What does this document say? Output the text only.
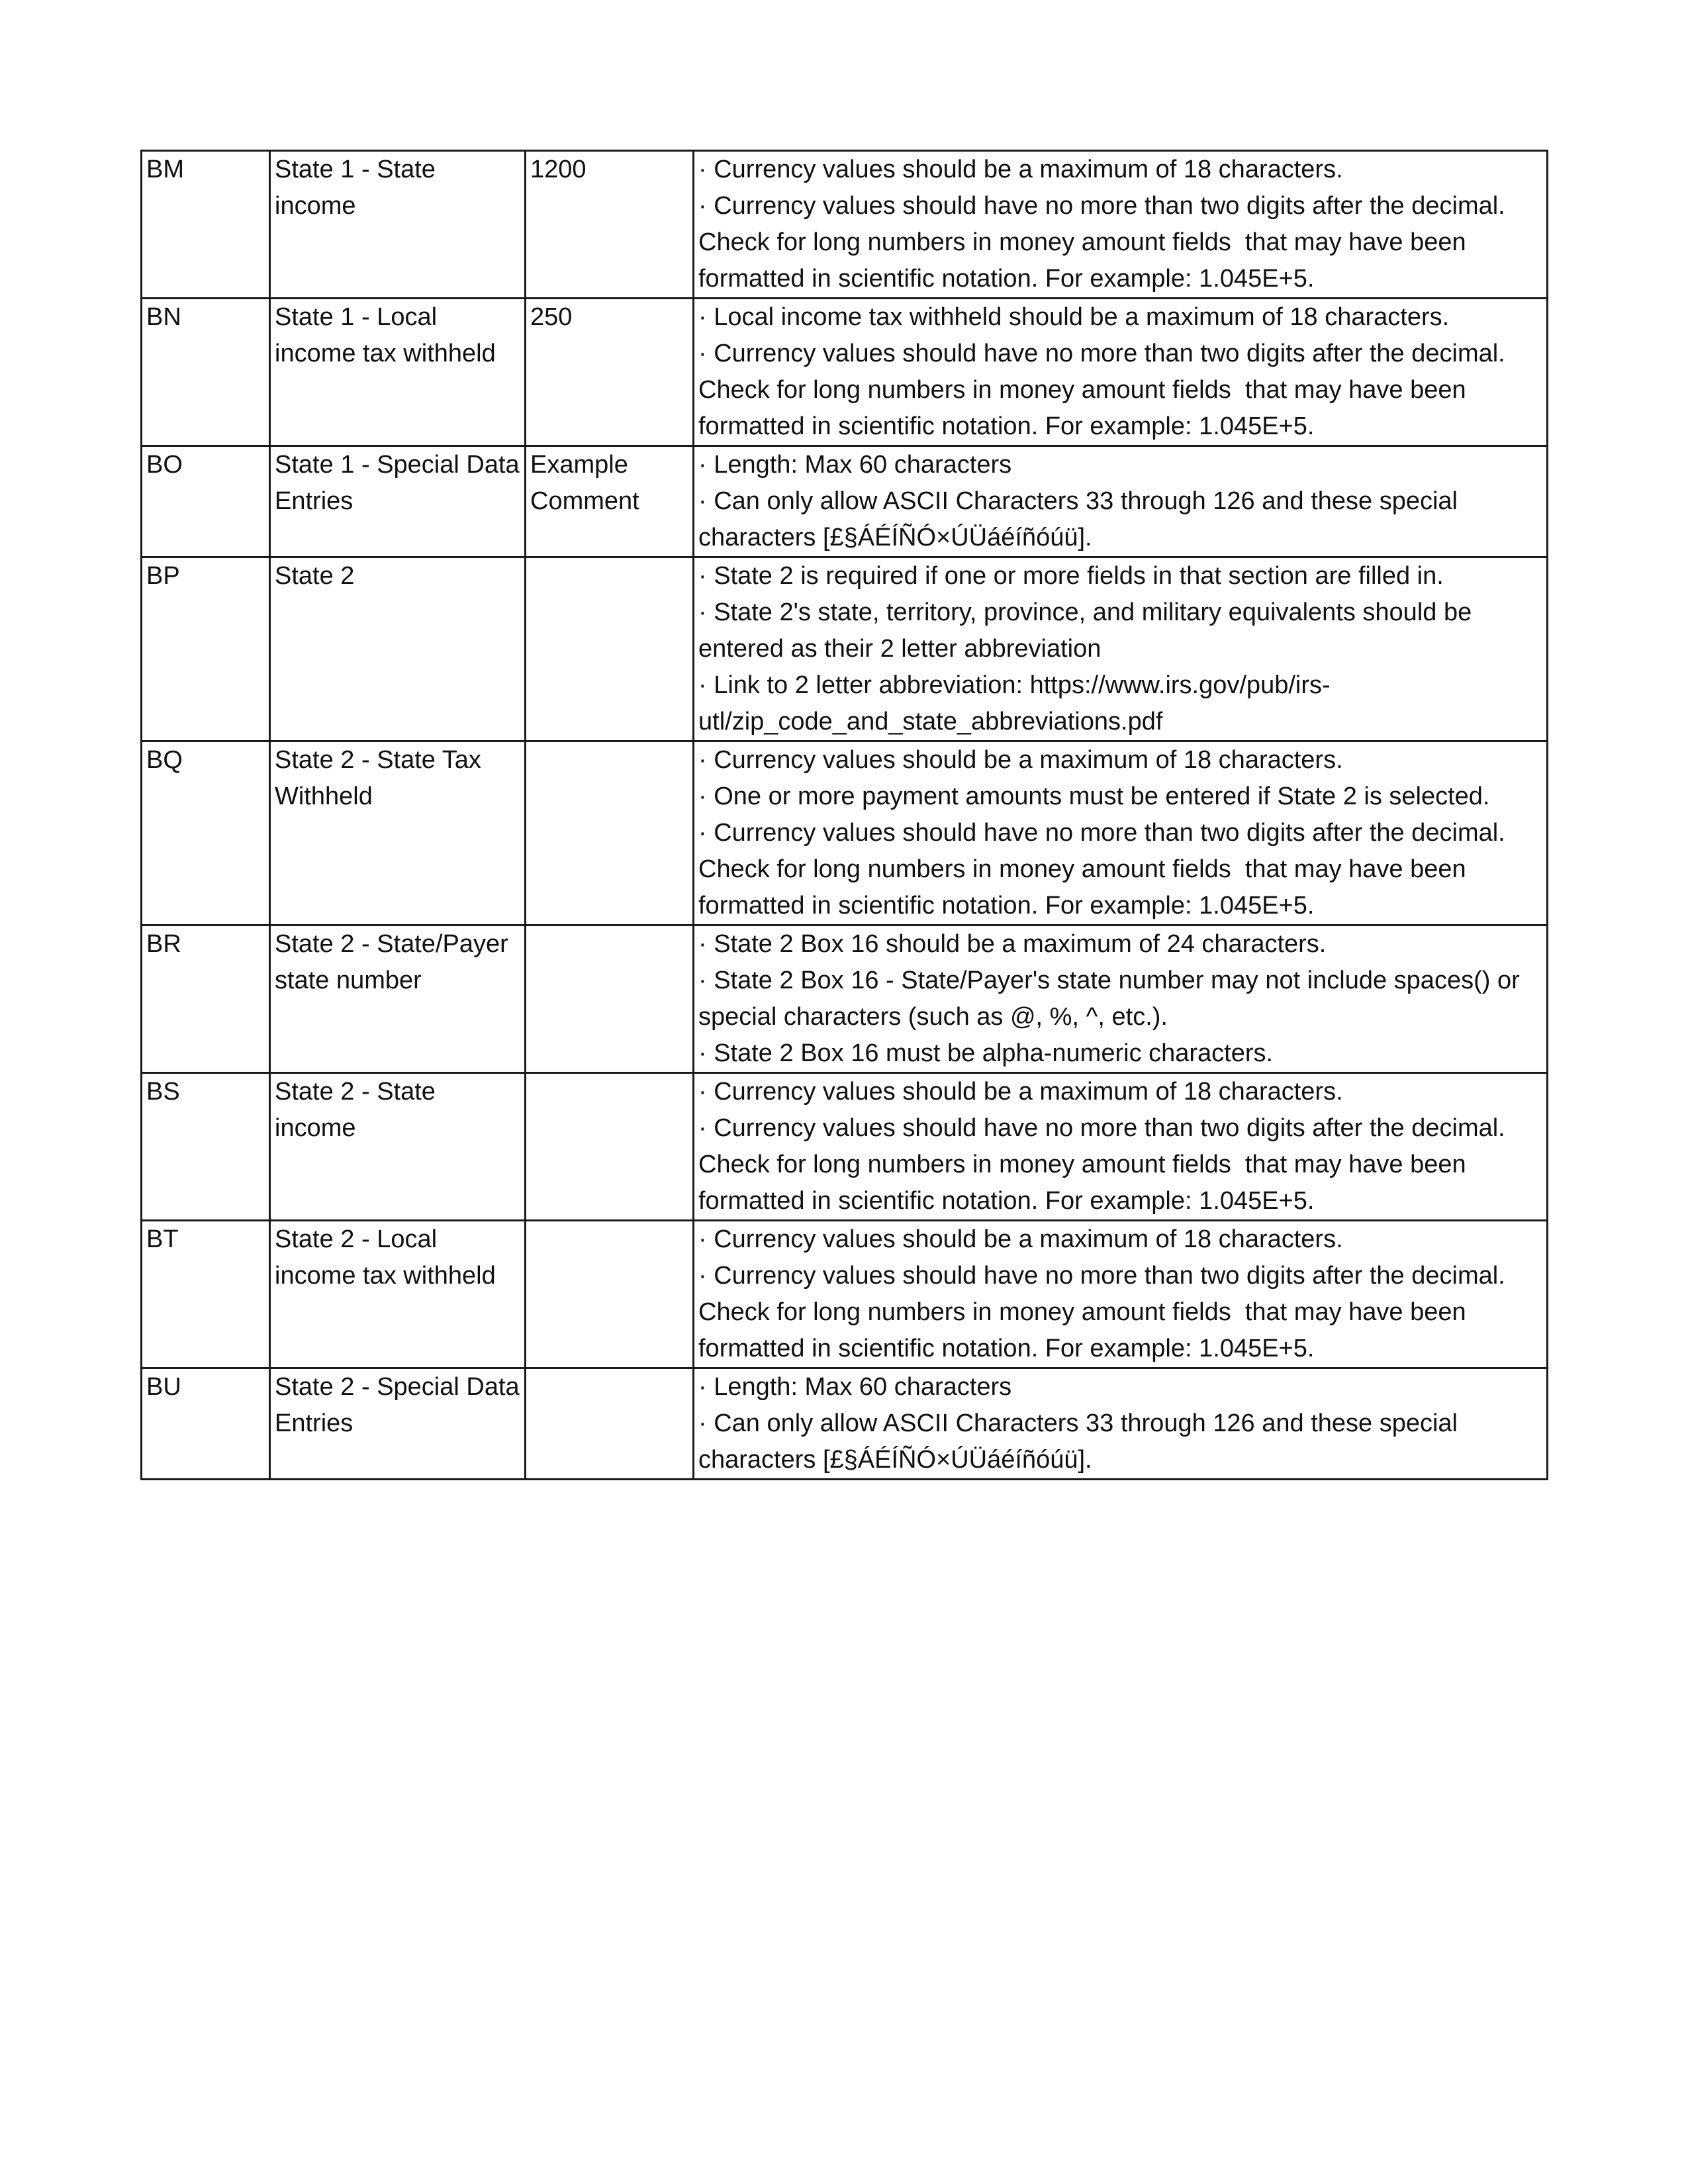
BM	State 1 - State income	1200	· Currency values should be a maximum of 18 characters.
· Currency values should have no more than two digits after the decimal.
Check for long numbers in money amount fields  that may have been
formatted in scientific notation. For example: 1.045E+5.

BN	State 1 - Local income tax withheld	250	· Local income tax withheld should be a maximum of 18 characters.
· Currency values should have no more than two digits after the decimal.
Check for long numbers in money amount fields  that may have been
formatted in scientific notation. For example: 1.045E+5.

BO	State 1 - Special Data Entries	Example Comment	· Length: Max 60 characters
· Can only allow ASCII Characters 33 through 126 and these special
characters [£§ÁÉÍÑÓ×ÚÜáéíñóúü].

BP	State 2		· State 2 is required if one or more fields in that section are filled in.
· State 2's state, territory, province, and military equivalents should be
entered as their 2 letter abbreviation
· Link to 2 letter abbreviation: https://www.irs.gov/pub/irs-
utl/zip_code_and_state_abbreviations.pdf

BQ	State 2 - State Tax Withheld		· Currency values should be a maximum of 18 characters.
· One or more payment amounts must be entered if State 2 is selected.
· Currency values should have no more than two digits after the decimal.
Check for long numbers in money amount fields  that may have been
formatted in scientific notation. For example: 1.045E+5.

BR	State 2 - State/Payer state number		· State 2 Box 16 should be a maximum of 24 characters.
· State 2 Box 16 - State/Payer's state number may not include spaces() or
special characters (such as @, %, ^, etc.).
· State 2 Box 16 must be alpha-numeric characters.

BS	State 2 - State income		· Currency values should be a maximum of 18 characters.
· Currency values should have no more than two digits after the decimal.
Check for long numbers in money amount fields  that may have been
formatted in scientific notation. For example: 1.045E+5.

BT	State 2 - Local income tax withheld		· Currency values should be a maximum of 18 characters.
· Currency values should have no more than two digits after the decimal.
Check for long numbers in money amount fields  that may have been
formatted in scientific notation. For example: 1.045E+5.

BU	State 2 - Special Data Entries		· Length: Max 60 characters
· Can only allow ASCII Characters 33 through 126 and these special
characters [£§ÁÉÍÑÓ×ÚÜáéíñóúü].
